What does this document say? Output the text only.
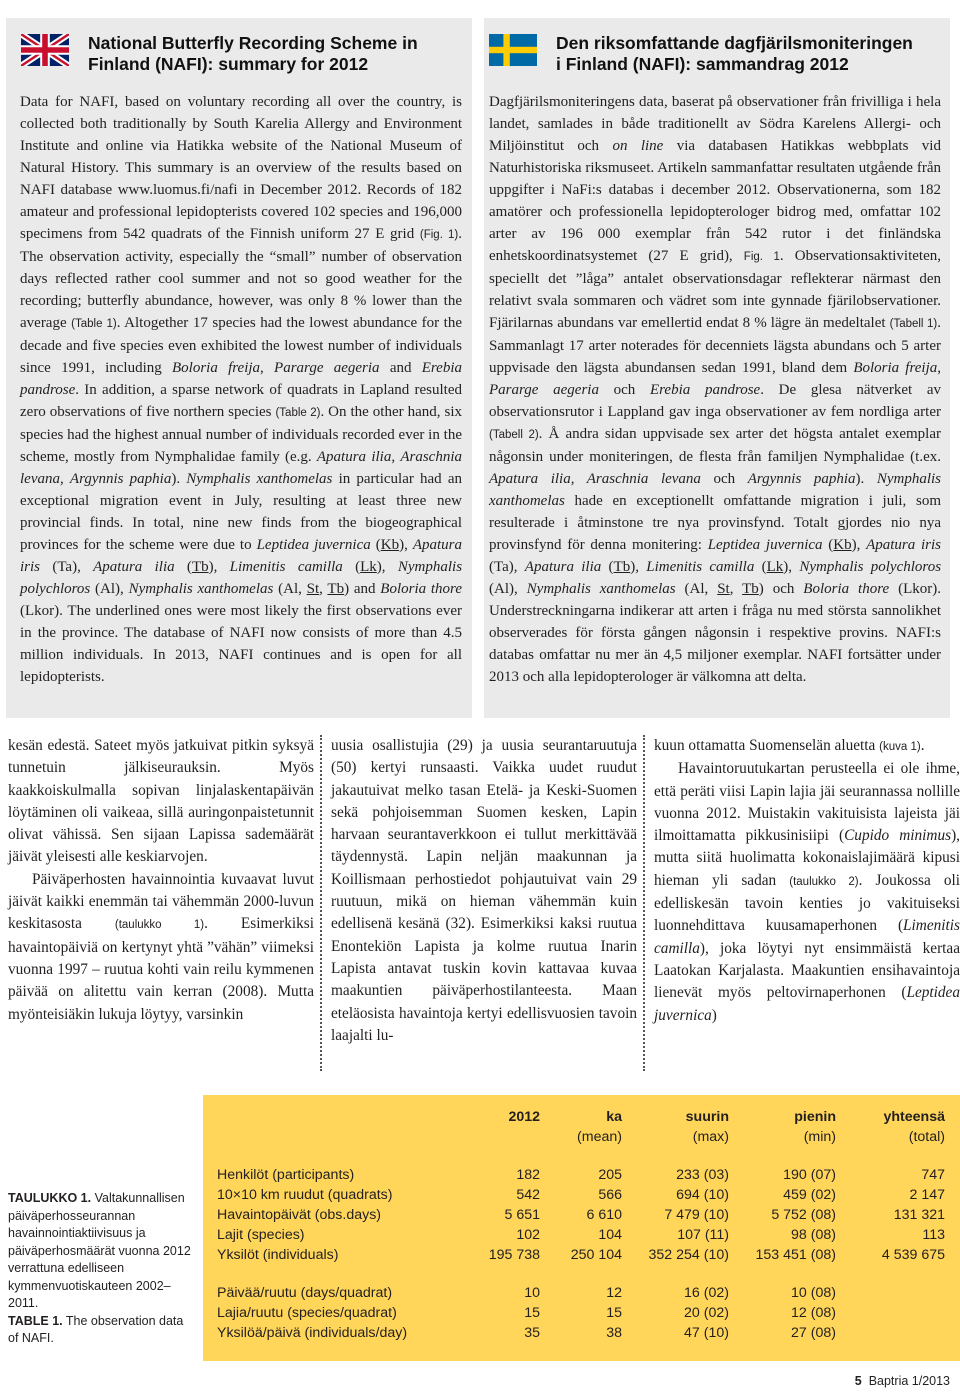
National Butterfly Recording Scheme in
Finland (NAFI): summary for 2012

Data for NAFI, based on voluntary recording all over the country, is collected both traditionally by South Karelia Allergy and Environment Institute and online via Hatikka website of the National Museum of Natural History. This summary is an overview of the results based on NAFI database www.luomus.fi/nafi in December 2012. Records of 182 amateur and professional lepidopterists covered 102 species and 196,000 specimens from 542 quadrats of the Finnish uniform 27 E grid (Fig. 1). The observation activity, especially the “small” number of observation days reflected rather cool summer and not so good weather for the recording; butterfly abundance, however, was only 8 % lower than the average (Table 1). Altogether 17 species had the lowest abundance for the decade and five species even exhibited the lowest number of individuals since 1991, including Boloria freija, Pararge aegeria and Erebia pandrose. In addition, a sparse network of quadrats in Lapland resulted zero observations of five northern species (Table 2). On the other hand, six species had the highest annual number of individuals recorded ever in the scheme, mostly from Nymphalidae family (e.g. Apatura ilia, Araschnia levana, Argynnis paphia). Nymphalis xanthomelas in particular had an exceptional migration event in July, resulting at least three new provincial finds. In total, nine new finds from the biogeographical provinces for the scheme were due to Leptidea juvernica (Kb), Apatura iris (Ta), Apatura ilia (Tb), Limenitis camilla (Lk), Nymphalis polychloros (Al), Nymphalis xanthomelas (Al, St, Tb) and Boloria thore (Lkor). The underlined ones were most likely the first observations ever in the province. The database of NAFI now consists of more than 4.5 million individuals. In 2013, NAFI continues and is open for all lepidopterists.

Den riksomfattande dagfjärilsmoniteringen
i Finland (NAFI): sammandrag 2012

Dagfjärilsmoniteringens data, baserat på observationer från frivilliga i hela landet, samlades in både traditionellt av Södra Karelens Allergi- och Miljöinstitut och on line via databasen Hatikkas webbplats vid Naturhistoriska riksmuseet. Artikeln sammanfattar resultaten utgående från uppgifter i NaFi:s databas i december 2012. Observationerna, som 182 amatörer och professionella lepidopterologer bidrog med, omfattar 102 arter av 196 000 exemplar från 542 rutor i det finländska enhetskoordinatsystemet (27 E grid), Fig. 1. Observationsaktiviteten, speciellt det ”låga” antalet observationsdagar reflekterar närmast den relativt svala sommaren och vädret som inte gynnade fjärilobservationer. Fjärilarnas abundans var emellertid endat 8 % lägre än medeltalet (Tabell 1). Sammanlagt 17 arter noterades för decenniets lägsta abundans och 5 arter uppvisade den lägsta abundansen sedan 1991, bland dem Boloria freija, Pararge aegeria och Erebia pandrose. De glesa nätverket av observationsrutor i Lappland gav inga observationer av fem nordliga arter (Tabell 2). Å andra sidan uppvisade sex arter det högsta antalet exemplar någonsin under moniteringen, de flesta från familjen Nymphalidae (t.ex. Apatura ilia, Araschnia levana och Argynnis paphia). Nymphalis xanthomelas hade en exceptionellt omfattande migration i juli, som resulterade i åtminstone tre nya provinsfynd. Totalt gjordes nio nya provinsfynd för denna monitering: Leptidea juvernica (Kb), Apatura iris (Ta), Apatura ilia (Tb), Limenitis camilla (Lk), Nymphalis polychloros (Al), Nymphalis xanthomelas (Al, St, Tb) och Boloria thore (Lkor). Understreckningarna indikerar att arten i fråga nu med största sannolikhet observerades för första gången någonsin i respektive provins. NAFI:s databas omfattar nu mer än 4,5 miljoner exemplar. NAFI fortsätter under 2013 och alla lepidopterologer är välkomna att delta.

kesän edestä. Sateet myös jatkuivat pitkin syksyä tunnetuin jälkiseurauksin. Myös kaakkoiskulmalla sopivan linjalaskentapäivän löytäminen oli vaikeaa, sillä auringonpaistetunnit olivat vähissä. Sen sijaan Lapissa sademäärät jäivät yleisesti alle keskiarvojen.

Päiväperhosten havainnointia kuvaavat luvut jäivät kaikki enemmän tai vähemmän 2000-luvun keskitasosta (taulukko 1). Esimerkiksi havaintopäiviä on kertynyt yhtä ”vähän” viimeksi vuonna 1997 – ruutua kohti vain reilu kymmenen päivää on alitettu vain kerran (2008). Mutta myönteisiäkin lukuja löytyy, varsinkin

uusia osallistujia (29) ja uusia seurantaruutuja (50) kertyi runsaasti. Vaikka uudet ruudut jakautuivat melko tasan Etelä- ja Keski-Suomen sekä pohjoisemman Suomen kesken, Lapin harvaan seurantaverkkoon ei tullut merkittävää täydennystä. Lapin neljän maakunnan ja Koillismaan perhostiedot pohjautuivat vain 29 ruutuun, mikä on hieman vähemmän kuin edellisenä kesänä (32). Esimerkiksi kaksi ruutua Enontekiön Lapista ja kolme ruutua Inarin Lapista antavat tuskin kovin kattavaa kuvaa maakuntien päiväperhostilanteesta. Maan eteläosista havaintoja kertyi edellisvuosien tavoin laajalti lu-

kuun ottamatta Suomenselän aluetta (kuva 1).

Havaintoruutukartan perusteella ei ole ihme, että peräti viisi Lapin lajia jäi seurannassa nollille vuonna 2012. Muistakin vakituisista lajeista jäi ilmoittamatta pikkusinisiipi (Cupido minimus), mutta siitä huolimatta kokonaislajimäärä kipusi hieman yli sadan (taulukko 2). Joukossa oli edelliskesän tavoin kenties jo vakituiseksi luonnehdittava kuusamaperhonen (Limenitis camilla), joka löytyi nyt ensimmäistä kertaa Laatokan Karjalasta. Maakuntien ensihavaintoja lienevät myös peltovirnaperhonen (Leptidea juvernica)

TAULUKKO 1. Valtakunnallisen päiväperhosseurannan havainnointiaktiivisuus ja päiväperhosmäärät vuonna 2012 verrattuna edelliseen kymmenvuotiskauteen 2002–2011.
TABLE 1. The observation data of NAFI.
	2012	ka	suurin	pienin	yhteensä
		(mean)	(max)	(min)	(total)

Henkilöt (participants)	182	205	233 (03)	190 (07)	747
10×10 km ruudut (quadrats)	542	566	694 (10)	459 (02)	2 147
Havaintopäivät (obs.days)	5 651	6 610	7 479 (10)	5 752 (08)	131 321
Lajit (species)	102	104	107 (11)	98 (08)	113
Yksilöt (individuals)	195 738	250 104	352 254 (10)	153 451 (08)	4 539 675

Päivää/ruutu (days/quadrat)	10	12	16 (02)	10 (08)	
Lajia/ruutu (species/quadrat)	15	15	20 (02)	12 (08)	
Yksilöä/päivä (individuals/day)	35	38	47 (10)	27 (08)	
5 Baptria 1/2013
